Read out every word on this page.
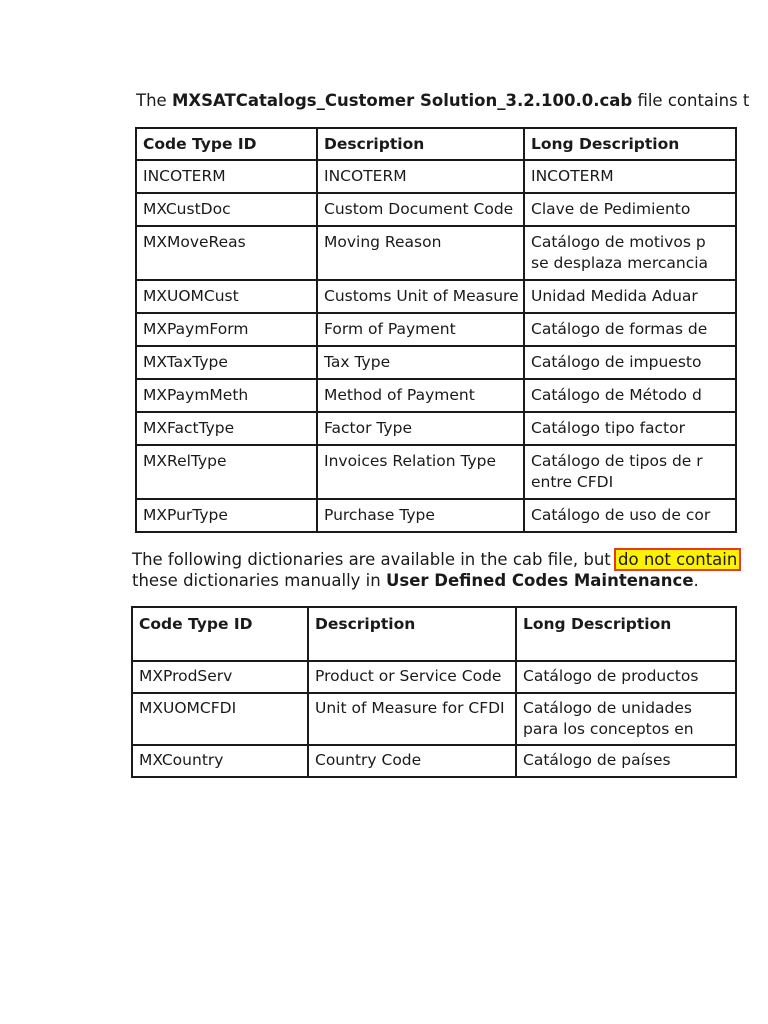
The MXSATCatalogs_Customer Solution_3.2.100.0.cab file contains t

Code Type ID	Description	Long Description
INCOTERM	INCOTERM	INCOTERM

MXCustDoc	Custom Document Code	Clave de Pedimiento

MXMoveReas	Moving Reason	Catálogo de motivos p
se desplaza mercancia

MXUOMCust	Customs Unit of Measure	Unidad Medida Aduar

MXPaymForm	Form of Payment	Catálogo de formas de

MXTaxType	Tax Type	Catálogo de impuesto

MXPaymMeth	Method of Payment	Catálogo de Método d

MXFactType	Factor Type	Catálogo tipo factor

MXRelType	Invoices Relation Type	Catálogo de tipos de r
entre CFDI

MXPurType	Purchase Type	Catálogo de uso de cor

The following dictionaries are available in the cab file, but do not contain
these dictionaries manually in User Defined Codes Maintenance.

Code Type ID	Description	Long Description
MXProdServ	Product or Service Code	Catálogo de productos

MXUOMCFDI	Unit of Measure for CFDI	Catálogo de unidades
para los conceptos en

MXCountry	Country Code	Catálogo de países
